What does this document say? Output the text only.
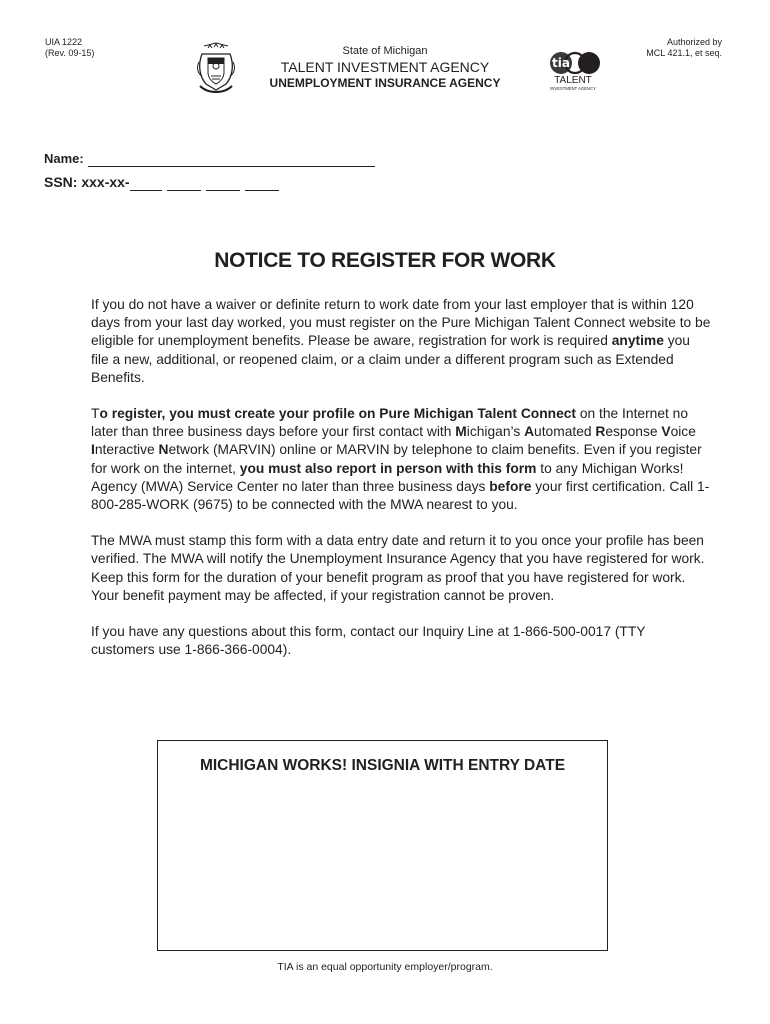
UIA 1222
(Rev. 09-15)
Authorized by
MCL 421.1, et seq.
State of Michigan
TALENT INVESTMENT AGENCY
UNEMPLOYMENT INSURANCE AGENCY
tia
TALENT
INVESTMENT AGENCY
Name:
SSN: xxx-xx-
NOTICE TO REGISTER FOR WORK

If you do not have a waiver or definite return to work date from your last employer that is within 120 days from your last day worked, you must register on the Pure Michigan Talent Connect website to be eligible for unemployment benefits. Please be aware, registration for work is required anytime you file a new, additional, or reopened claim, or a claim under a different program such as Extended Benefits.

To register, you must create your profile on Pure Michigan Talent Connect on the Internet no later than three business days before your first contact with Michigan’s Automated Response Voice Interactive Network (MARVIN) online or MARVIN by telephone to claim benefits. Even if you register for work on the internet, you must also report in person with this form to any Michigan Works! Agency (MWA) Service Center no later than three business days before your first certification. Call 1-800-285-WORK (9675) to be connected with the MWA nearest to you.

The MWA must stamp this form with a data entry date and return it to you once your profile has been verified. The MWA will notify the Unemployment Insurance Agency that you have registered for work. Keep this form for the duration of your benefit program as proof that you have registered for work. Your benefit payment may be affected, if your registration cannot be proven.

If you have any questions about this form, contact our Inquiry Line at 1-866-500-0017 (TTY customers use 1-866-366-0004).

MICHIGAN WORKS! INSIGNIA WITH ENTRY DATE
TIA is an equal opportunity employer/program.
